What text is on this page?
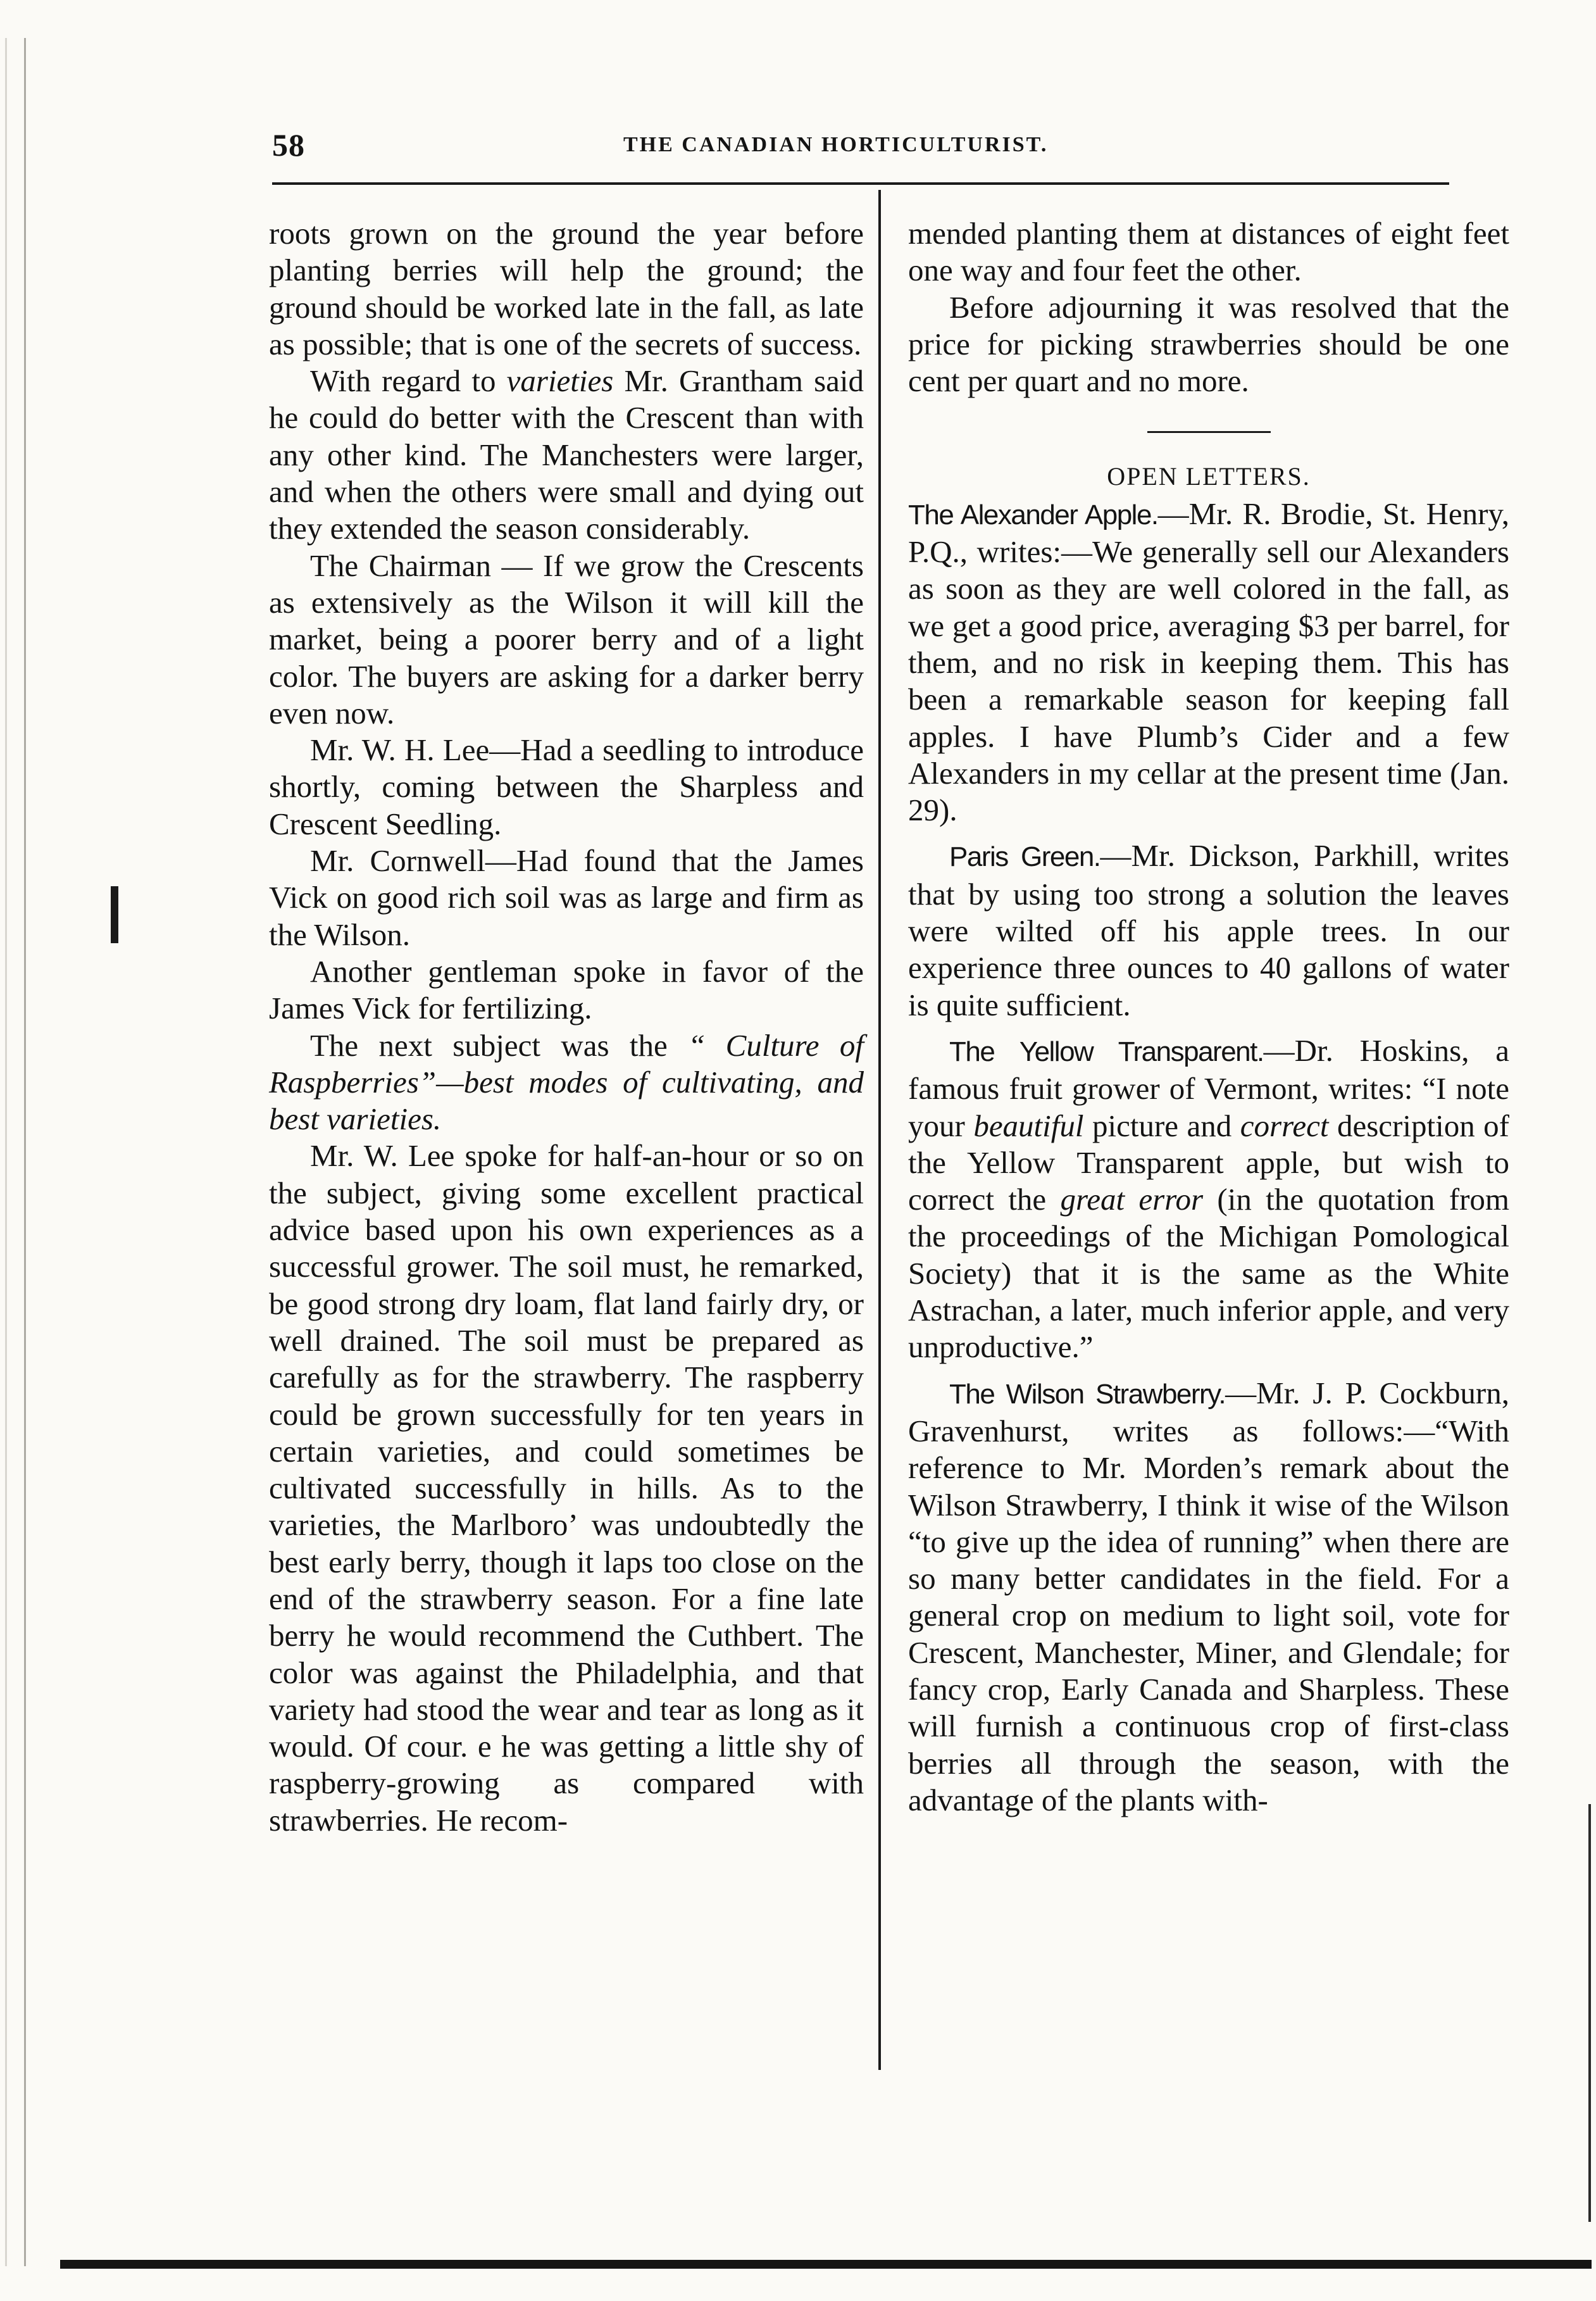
58	THE CANADIAN HORTICULTURIST.

roots grown on the ground the year before planting berries will help the ground; the ground should be worked late in the fall, as late as possible; that is one of the secrets of success.

With regard to varieties Mr. Grantham said he could do better with the Crescent than with any other kind. The Manchesters were larger, and when the others were small and dying out they extended the season considerably.

The Chairman — If we grow the Crescents as extensively as the Wilson it will kill the market, being a poorer berry and of a light color. The buyers are asking for a darker berry even now.

Mr. W. H. Lee—Had a seedling to introduce shortly, coming between the Sharpless and Crescent Seedling.

Mr. Cornwell—Had found that the James Vick on good rich soil was as large and firm as the Wilson.

Another gentleman spoke in favor of the James Vick for fertilizing.

The next subject was the “ Culture of Raspberries”—best modes of cultivating, and best varieties.

Mr. W. Lee spoke for half-an-hour or so on the subject, giving some excellent practical advice based upon his own experiences as a successful grower. The soil must, he remarked, be good strong dry loam, flat land fairly dry, or well drained. The soil must be prepared as carefully as for the strawberry. The raspberry could be grown successfully for ten years in certain varieties, and could sometimes be cultivated successfully in hills. As to the varieties, the Marlboro’ was undoubtedly the best early berry, though it laps too close on the end of the strawberry season. For a fine late berry he would recommend the Cuthbert. The color was against the Philadelphia, and that variety had stood the wear and tear as long as it would. Of cour. e he was getting a little shy of raspberry-growing as compared with strawberries. He recom-

mended planting them at distances of eight feet one way and four feet the other.

Before adjourning it was resolved that the price for picking strawberries should be one cent per quart and no more.

OPEN LETTERS.

The Alexander Apple.—Mr. R. Brodie, St. Henry, P.Q., writes:—We generally sell our Alexanders as soon as they are well colored in the fall, as we get a good price, averaging $3 per barrel, for them, and no risk in keeping them. This has been a remarkable season for keeping fall apples. I have Plumb’s Cider and a few Alexanders in my cellar at the present time (Jan. 29).

Paris Green.—Mr. Dickson, Parkhill, writes that by using too strong a solution the leaves were wilted off his apple trees. In our experience three ounces to 40 gallons of water is quite sufficient.

The Yellow Transparent.—Dr. Hoskins, a famous fruit grower of Vermont, writes: “I note your beautiful picture and correct description of the Yellow Transparent apple, but wish to correct the great error (in the quotation from the proceedings of the Michigan Pomological Society) that it is the same as the White Astrachan, a later, much inferior apple, and very unproductive.”

The Wilson Strawberry.—Mr. J. P. Cockburn, Gravenhurst, writes as follows:—“With reference to Mr. Morden’s remark about the Wilson Strawberry, I think it wise of the Wilson “to give up the idea of running” when there are so many better candidates in the field. For a general crop on medium to light soil, vote for Crescent, Manchester, Miner, and Glendale; for fancy crop, Early Canada and Sharpless. These will furnish a continuous crop of first-class berries all through the season, with the advantage of the plants with-
